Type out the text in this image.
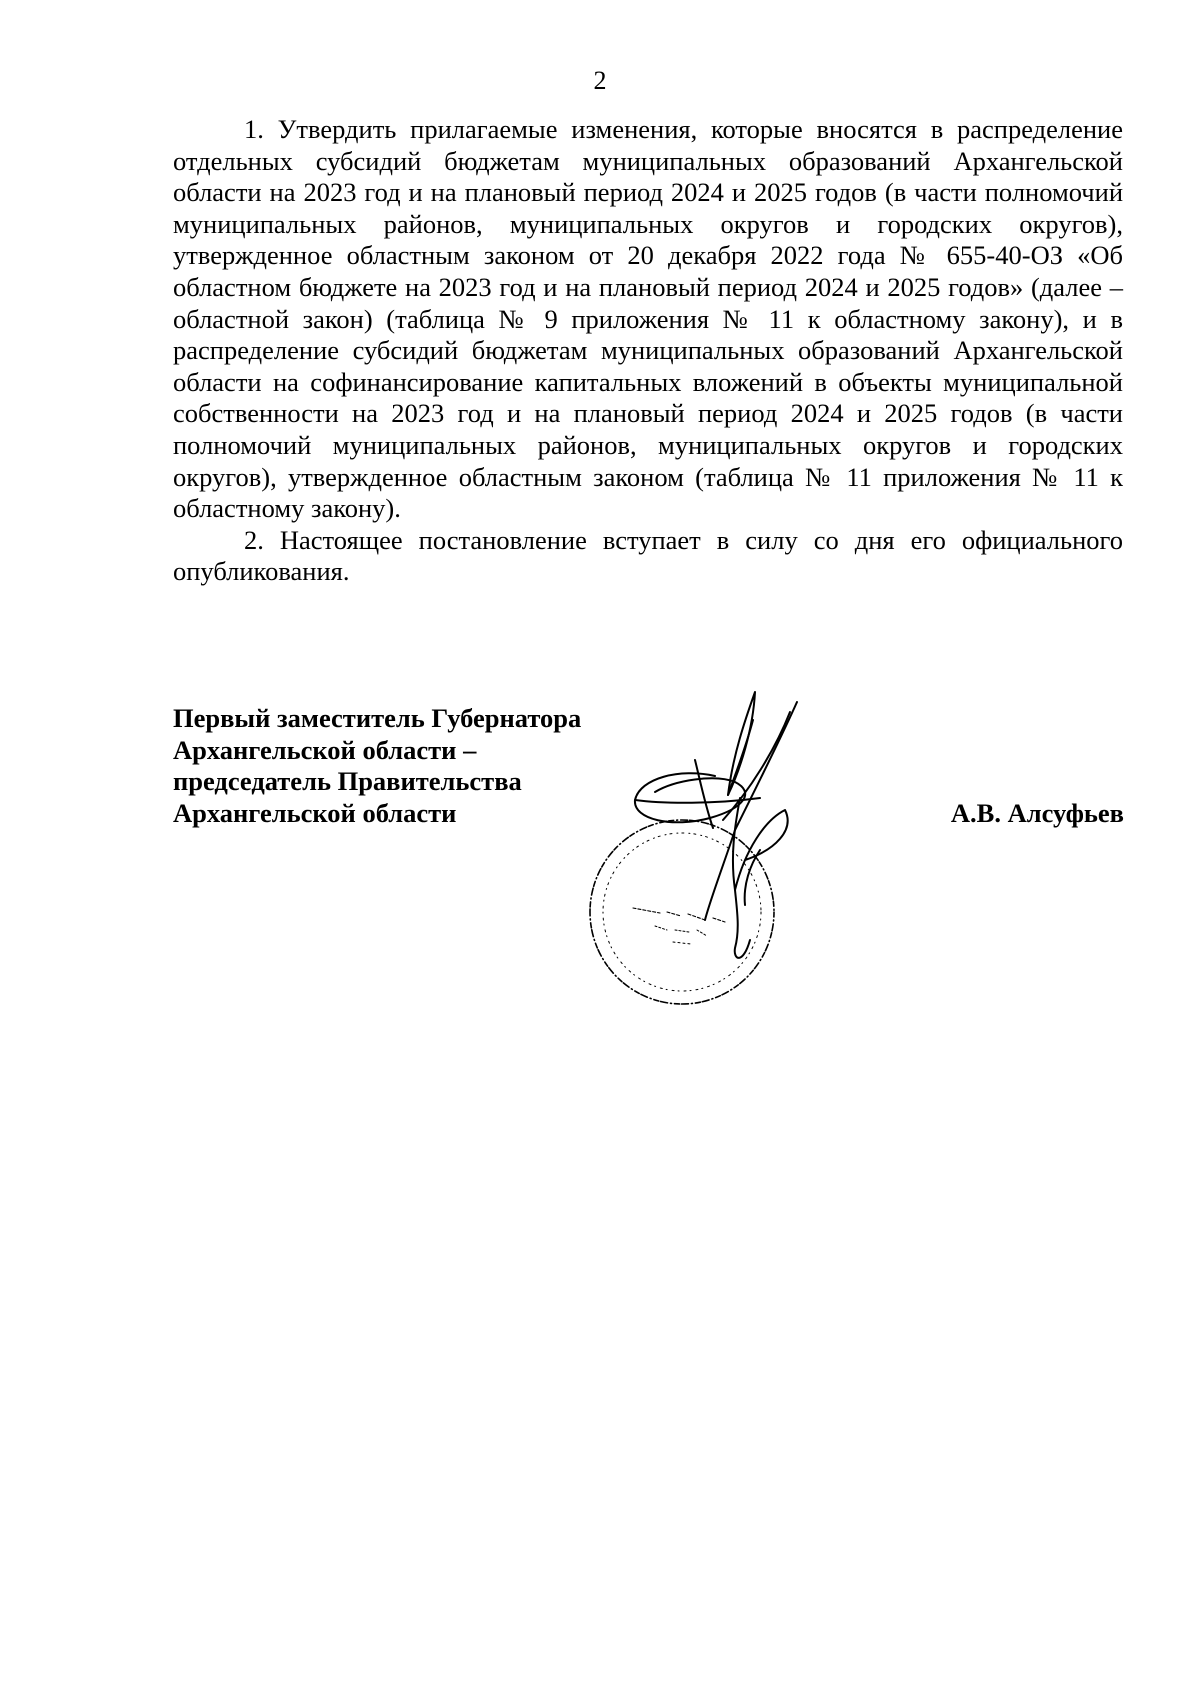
2

1. Утвердить прилагаемые изменения, которые вносятся в распределение отдельных субсидий бюджетам муниципальных образований Архангельской области на 2023 год и на плановый период 2024 и 2025 годов (в части полномочий муниципальных районов, муниципальных округов и городских округов), утвержденное областным законом от 20 декабря 2022 года № 655-40-ОЗ «Об областном бюджете на 2023 год и на плановый период 2024 и 2025 годов» (далее – областной закон) (таблица № 9 приложения № 11 к областному закону), и в распределение субсидий бюджетам муниципальных образований Архангельской области на софинансирование капитальных вложений в объекты муниципальной собственности на 2023 год и на плановый период 2024 и 2025 годов (в части полномочий муниципальных районов, муниципальных округов и городских округов), утвержденное областным законом (таблица № 11 приложения № 11 к областному закону).

2. Настоящее постановление вступает в силу со дня его официального опубликования.

Первый заместитель Губернатора
Архангельской области –
председатель Правительства
Архангельской области	А.В. Алсуфьев
